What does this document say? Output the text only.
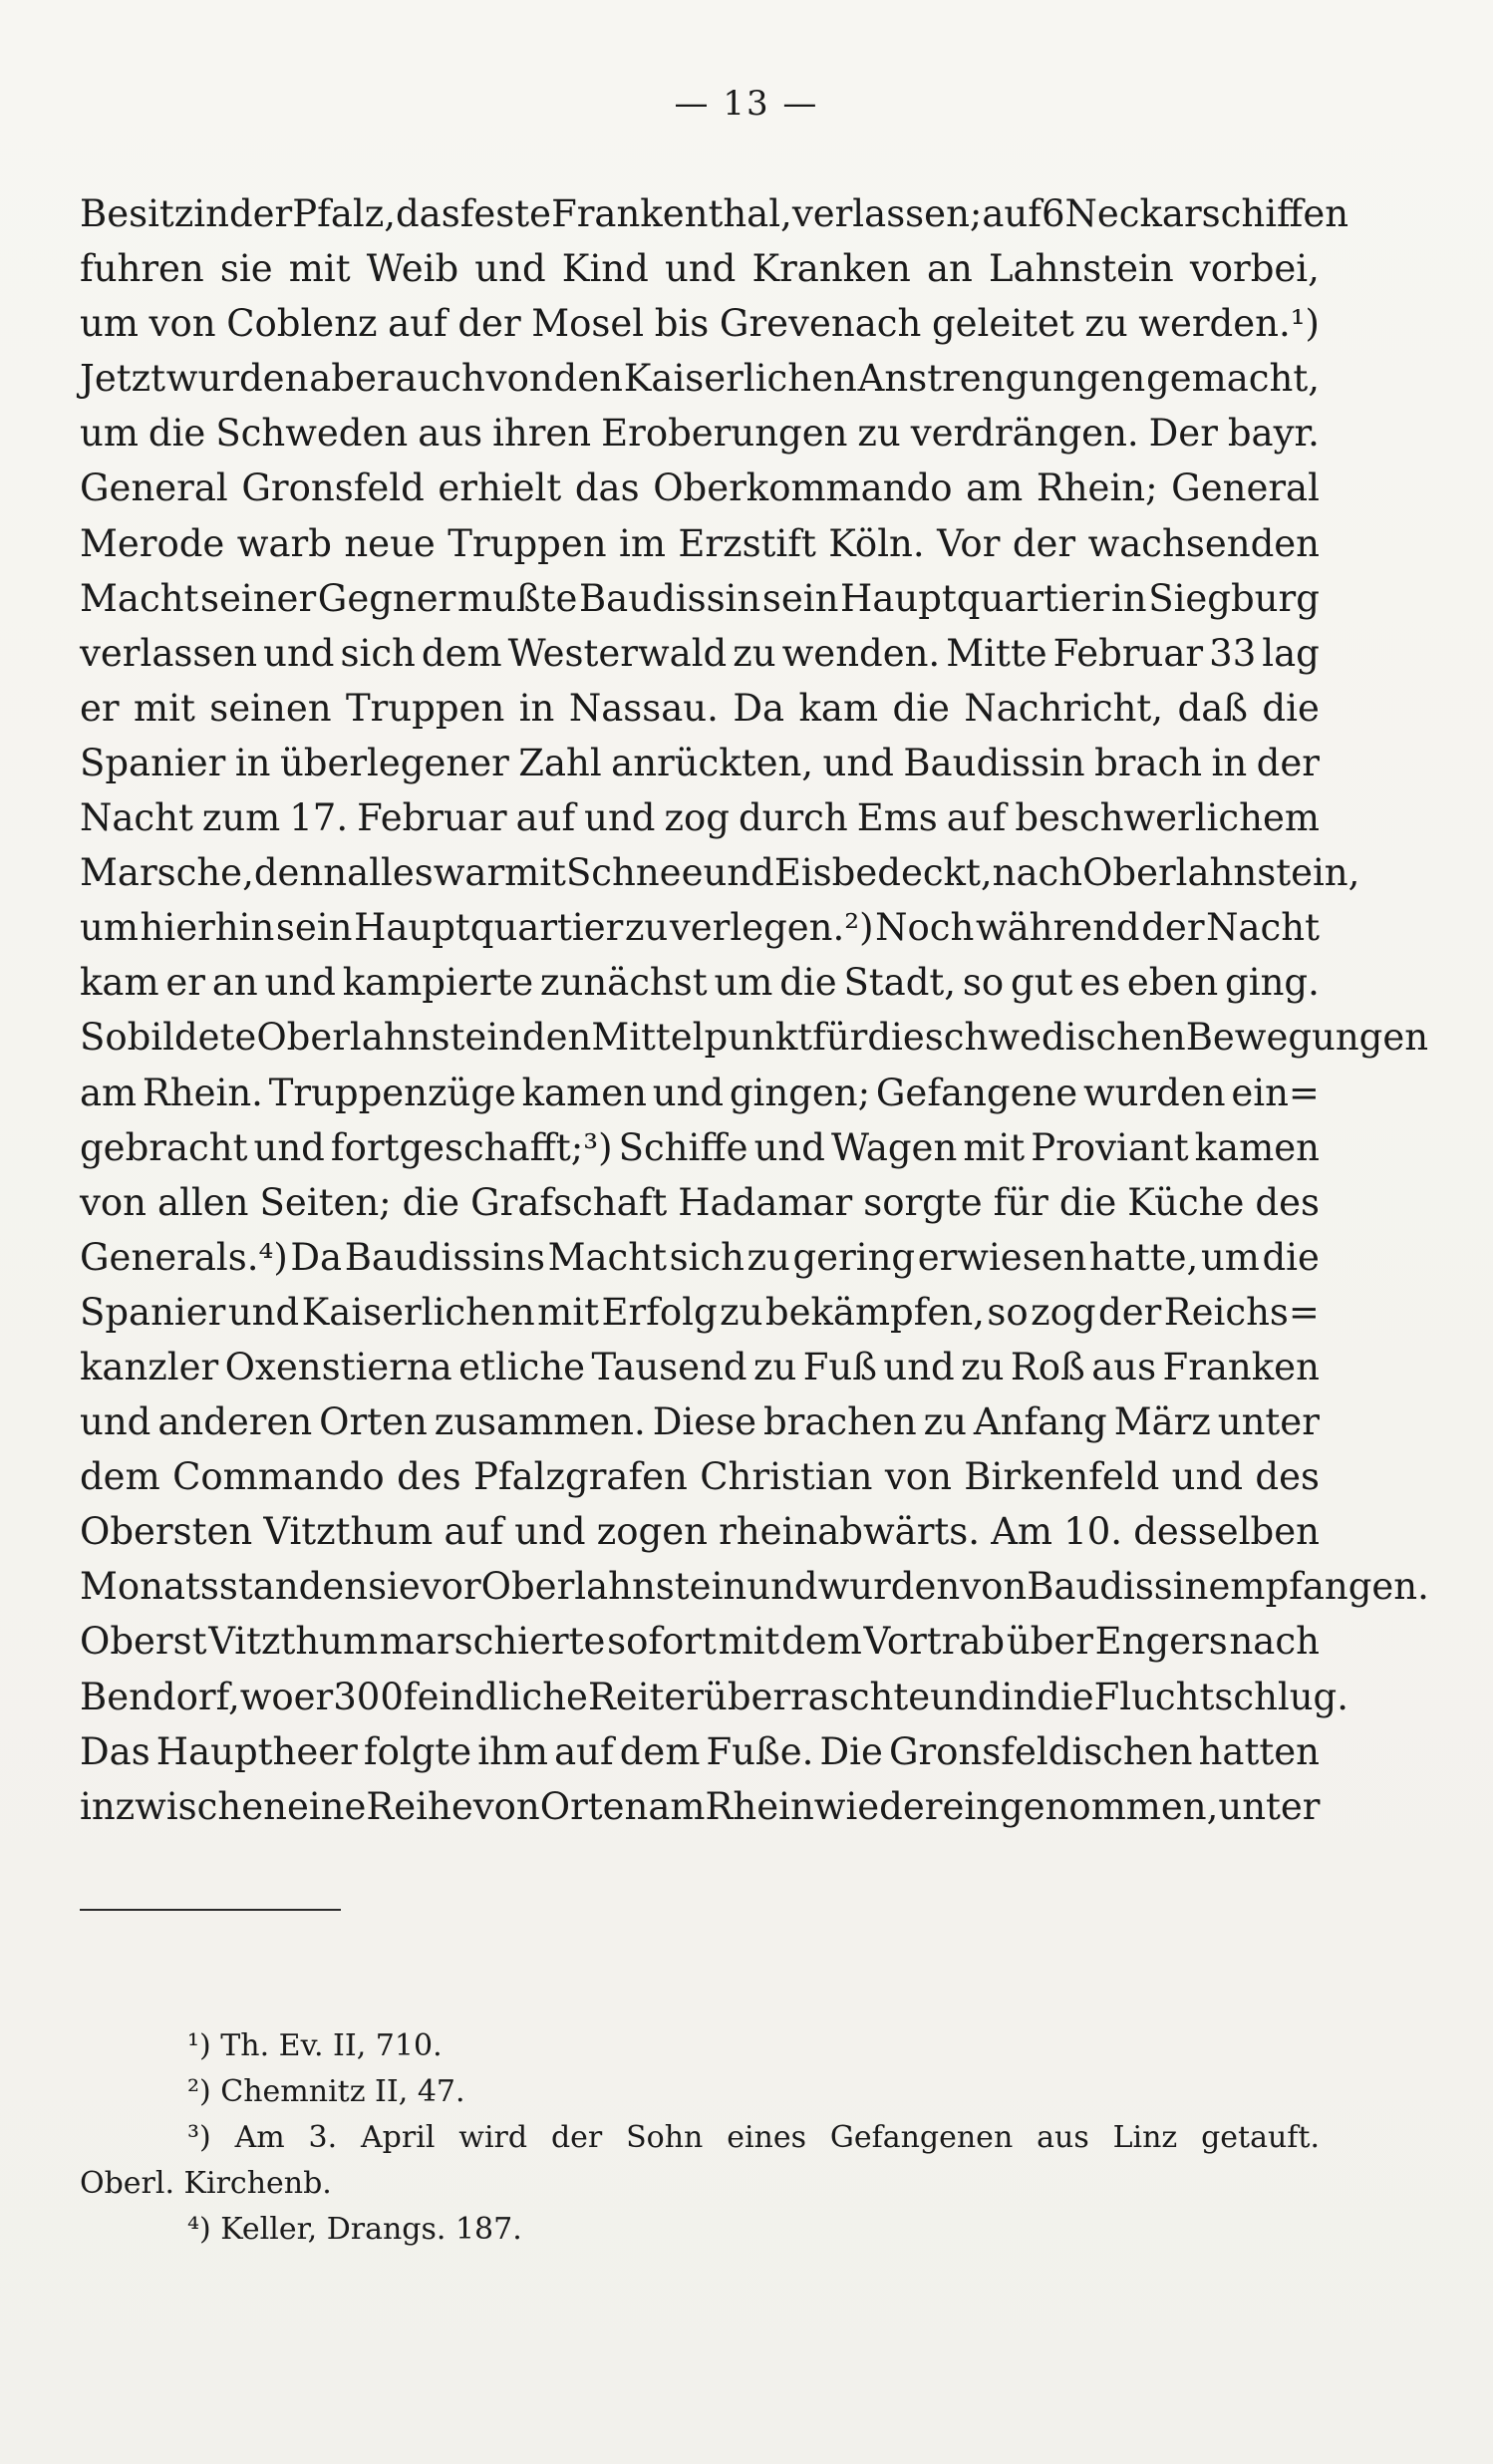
— 13 —
Besitz in der Pfalz, das feste Frankenthal, verlassen; auf 6 Neckarschiffen
fuhren sie mit Weib und Kind und Kranken an Lahnstein vorbei,
um von Coblenz auf der Mosel bis Grevenach geleitet zu werden.¹)
Jetzt wurden aber auch von den Kaiserlichen Anstrengungen gemacht,
um die Schweden aus ihren Eroberungen zu verdrängen. Der bayr.
General Gronsfeld erhielt das Oberkommando am Rhein; General
Merode warb neue Truppen im Erzstift Köln. Vor der wachsenden
Macht seiner Gegner mußte Baudissin sein Hauptquartier in Siegburg
verlassen und sich dem Westerwald zu wenden. Mitte Februar 33 lag
er mit seinen Truppen in Nassau. Da kam die Nachricht, daß die
Spanier in überlegener Zahl anrückten, und Baudissin brach in der
Nacht zum 17. Februar auf und zog durch Ems auf beschwerlichem
Marsche, denn alles war mit Schnee und Eis bedeckt, nach Oberlahnstein,
um hierhin sein Hauptquartier zu verlegen.²) Noch während der Nacht
kam er an und kampierte zunächst um die Stadt, so gut es eben ging.
So bildete Oberlahnstein den Mittelpunkt für die schwedischen Bewegungen
am Rhein. Truppenzüge kamen und gingen; Gefangene wurden ein=
gebracht und fortgeschafft;³) Schiffe und Wagen mit Proviant kamen
von allen Seiten; die Grafschaft Hadamar sorgte für die Küche des
Generals.⁴) Da Baudissins Macht sich zu gering erwiesen hatte, um die
Spanier und Kaiserlichen mit Erfolg zu bekämpfen, so zog der Reichs=
kanzler Oxenstierna etliche Tausend zu Fuß und zu Roß aus Franken
und anderen Orten zusammen. Diese brachen zu Anfang März unter
dem Commando des Pfalzgrafen Christian von Birkenfeld und des
Obersten Vitzthum auf und zogen rheinabwärts. Am 10. desselben
Monats standen sie vor Oberlahnstein und wurden von Baudissin empfangen.
Oberst Vitzthum marschierte sofort mit dem Vortrab über Engers nach
Bendorf, wo er 300 feindliche Reiter überraschte und in die Flucht schlug.
Das Hauptheer folgte ihm auf dem Fuße. Die Gronsfeldischen hatten
inzwischen eine Reihe von Orten am Rhein wieder eingenommen, unter
¹) Th. Ev. II, 710.
²) Chemnitz II, 47.
³) Am 3. April wird der Sohn eines Gefangenen aus Linz getauft.
Oberl. Kirchenb.
⁴) Keller, Drangs. 187.
